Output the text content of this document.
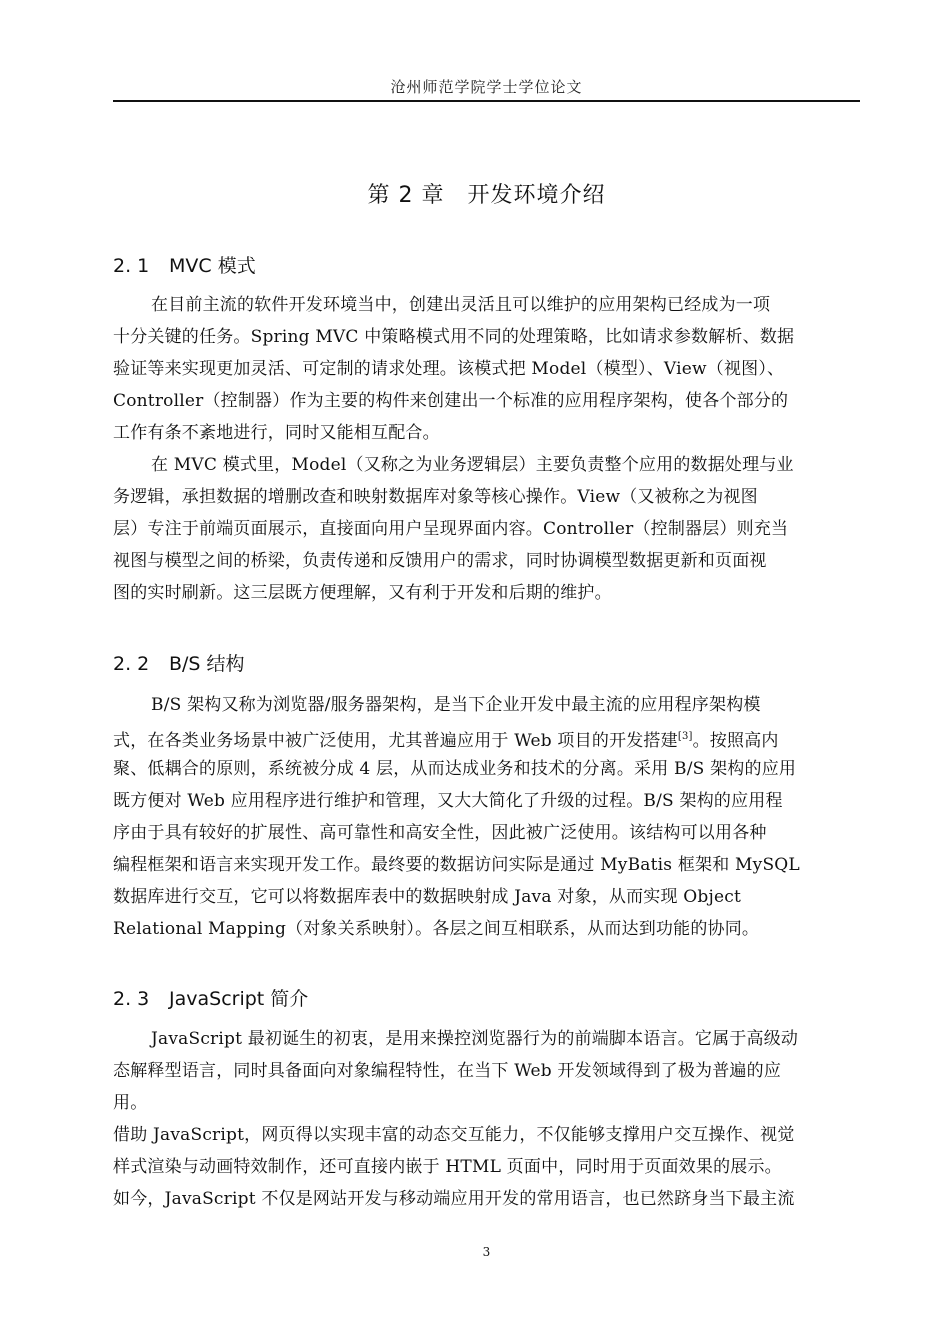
沧州师范学院学士学位论文
第 2 章　开发环境介绍
2. 1 MVC 模式
在目前主流的软件开发环境当中，创建出灵活且可以维护的应用架构已经成为一项
十分关键的任务。Spring MVC 中策略模式用不同的处理策略，比如请求参数解析、数据
验证等来实现更加灵活、可定制的请求处理。该模式把 Model（模型）、View（视图）、
Controller（控制器）作为主要的构件来创建出一个标准的应用程序架构，使各个部分的
工作有条不紊地进行，同时又能相互配合。
在 MVC 模式里，Model（又称之为业务逻辑层）主要负责整个应用的数据处理与业
务逻辑，承担数据的增删改查和映射数据库对象等核心操作。View（又被称之为视图
层）专注于前端页面展示，直接面向用户呈现界面内容。Controller（控制器层）则充当
视图与模型之间的桥梁，负责传递和反馈用户的需求，同时协调模型数据更新和页面视
图的实时刷新。这三层既方便理解，又有利于开发和后期的维护。
2. 2 B/S 结构
B/S 架构又称为浏览器/服务器架构，是当下企业开发中最主流的应用程序架构模
式，在各类业务场景中被广泛使用，尤其普遍应用于 Web 项目的开发搭建[3]。按照高内
聚、低耦合的原则，系统被分成 4 层，从而达成业务和技术的分离。采用 B/S 架构的应用
既方便对 Web 应用程序进行维护和管理，又大大简化了升级的过程。B/S 架构的应用程
序由于具有较好的扩展性、高可靠性和高安全性，因此被广泛使用。该结构可以用各种
编程框架和语言来实现开发工作。最终要的数据访问实际是通过 MyBatis 框架和 MySQL
数据库进行交互，它可以将数据库表中的数据映射成 Java 对象，从而实现 Object
Relational Mapping（对象关系映射）。各层之间互相联系，从而达到功能的协同。
2. 3 JavaScript 简介
JavaScript 最初诞生的初衷，是用来操控浏览器行为的前端脚本语言。它属于高级动
态解释型语言，同时具备面向对象编程特性，在当下 Web 开发领域得到了极为普遍的应
用。
借助 JavaScript，网页得以实现丰富的动态交互能力，不仅能够支撑用户交互操作、视觉
样式渲染与动画特效制作，还可直接内嵌于 HTML 页面中，同时用于页面效果的展示。
如今，JavaScript 不仅是网站开发与移动端应用开发的常用语言，也已然跻身当下最主流
3
